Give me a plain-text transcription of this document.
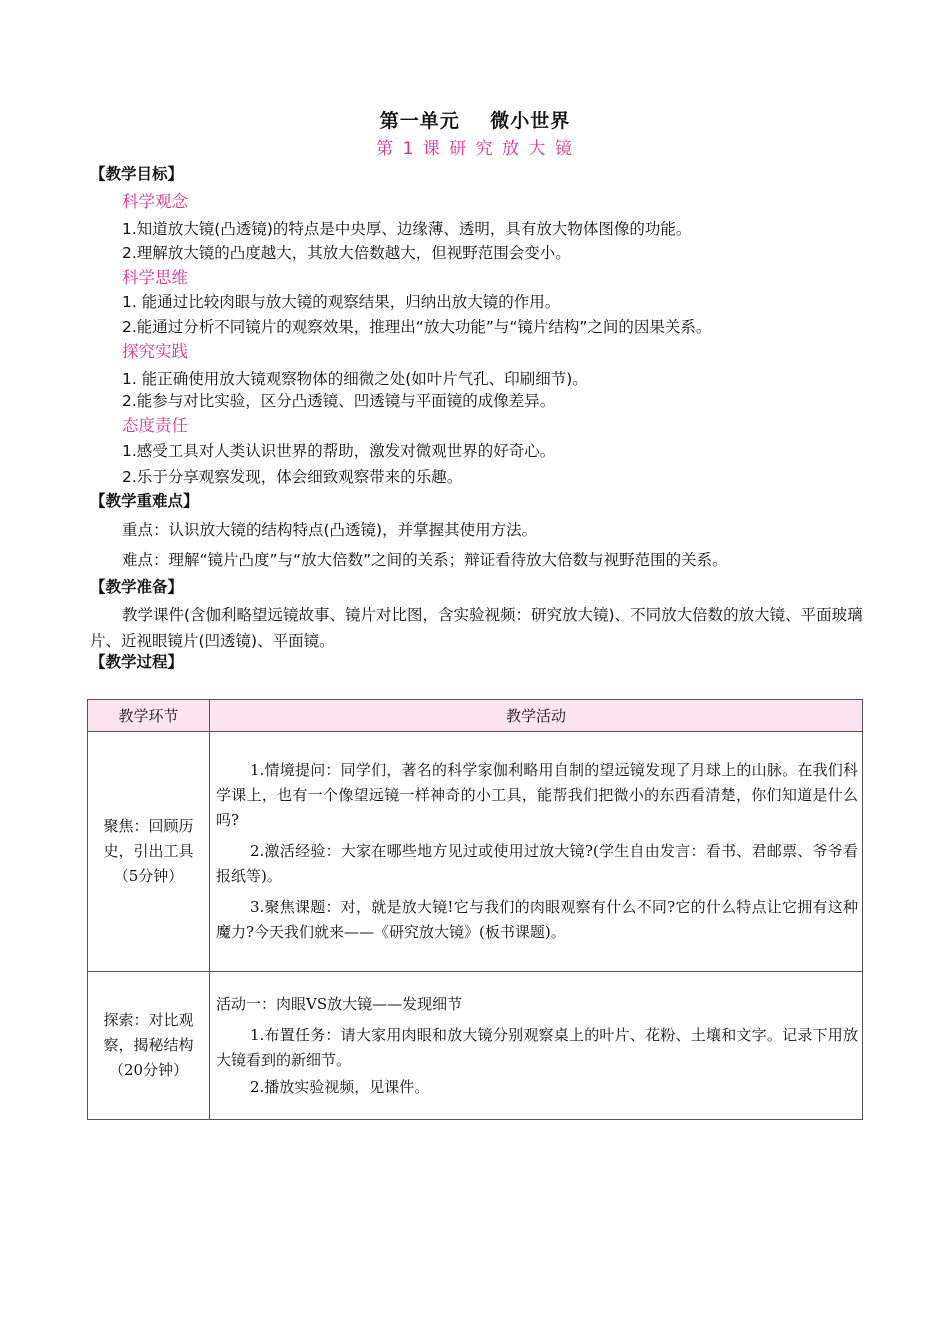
第一单元    微小世界
第 1 课 研 究 放 大 镜
【教学目标】
科学观念
1.知道放大镜(凸透镜)的特点是中央厚、边缘薄、透明，具有放大物体图像的功能。
2.理解放大镜的凸度越大，其放大倍数越大，但视野范围会变小。
科学思维
1. 能通过比较肉眼与放大镜的观察结果，归纳出放大镜的作用。
2.能通过分析不同镜片的观察效果，推理出“放大功能”与“镜片结构”之间的因果关系。
探究实践
1. 能正确使用放大镜观察物体的细微之处(如叶片气孔、印刷细节)。
2.能参与对比实验，区分凸透镜、凹透镜与平面镜的成像差异。
态度责任
1.感受工具对人类认识世界的帮助，激发对微观世界的好奇心。
2.乐于分享观察发现，体会细致观察带来的乐趣。
【教学重难点】
重点：认识放大镜的结构特点(凸透镜)，并掌握其使用方法。
难点：理解“镜片凸度”与“放大倍数”之间的关系；辩证看待放大倍数与视野范围的关系。
【教学准备】
教学课件(含伽利略望远镜故事、镜片对比图，含实验视频：研究放大镜)、不同放大倍数的放大镜、平面玻璃片、近视眼镜片(凹透镜)、平面镜。
【教学过程】
教学环节	教学活动
聚焦：回顾历史，引出工具（5分钟）	1.情境提问：同学们，著名的科学家伽利略用自制的望远镜发现了月球上的山脉。在我们科学课上，也有一个像望远镜一样神奇的小工具，能帮我们把微小的东西看清楚，你们知道是什么吗?

2.激活经验：大家在哪些地方见过或使用过放大镜?(学生自由发言：看书、君邮票、爷爷看报纸等)。

3.聚焦课题：对，就是放大镜!它与我们的肉眼观察有什么不同?它的什么特点让它拥有这种魔力?今天我们就来——《研究放大镜》(板书课题)。

探索：对比观察，揭秘结构（20分钟）	活动一：肉眼VS放大镜——发现细节

1.布置任务：请大家用肉眼和放大镜分别观察桌上的叶片、花粉、土壤和文字。记录下用放大镜看到的新细节。

2.播放实验视频，见课件。
